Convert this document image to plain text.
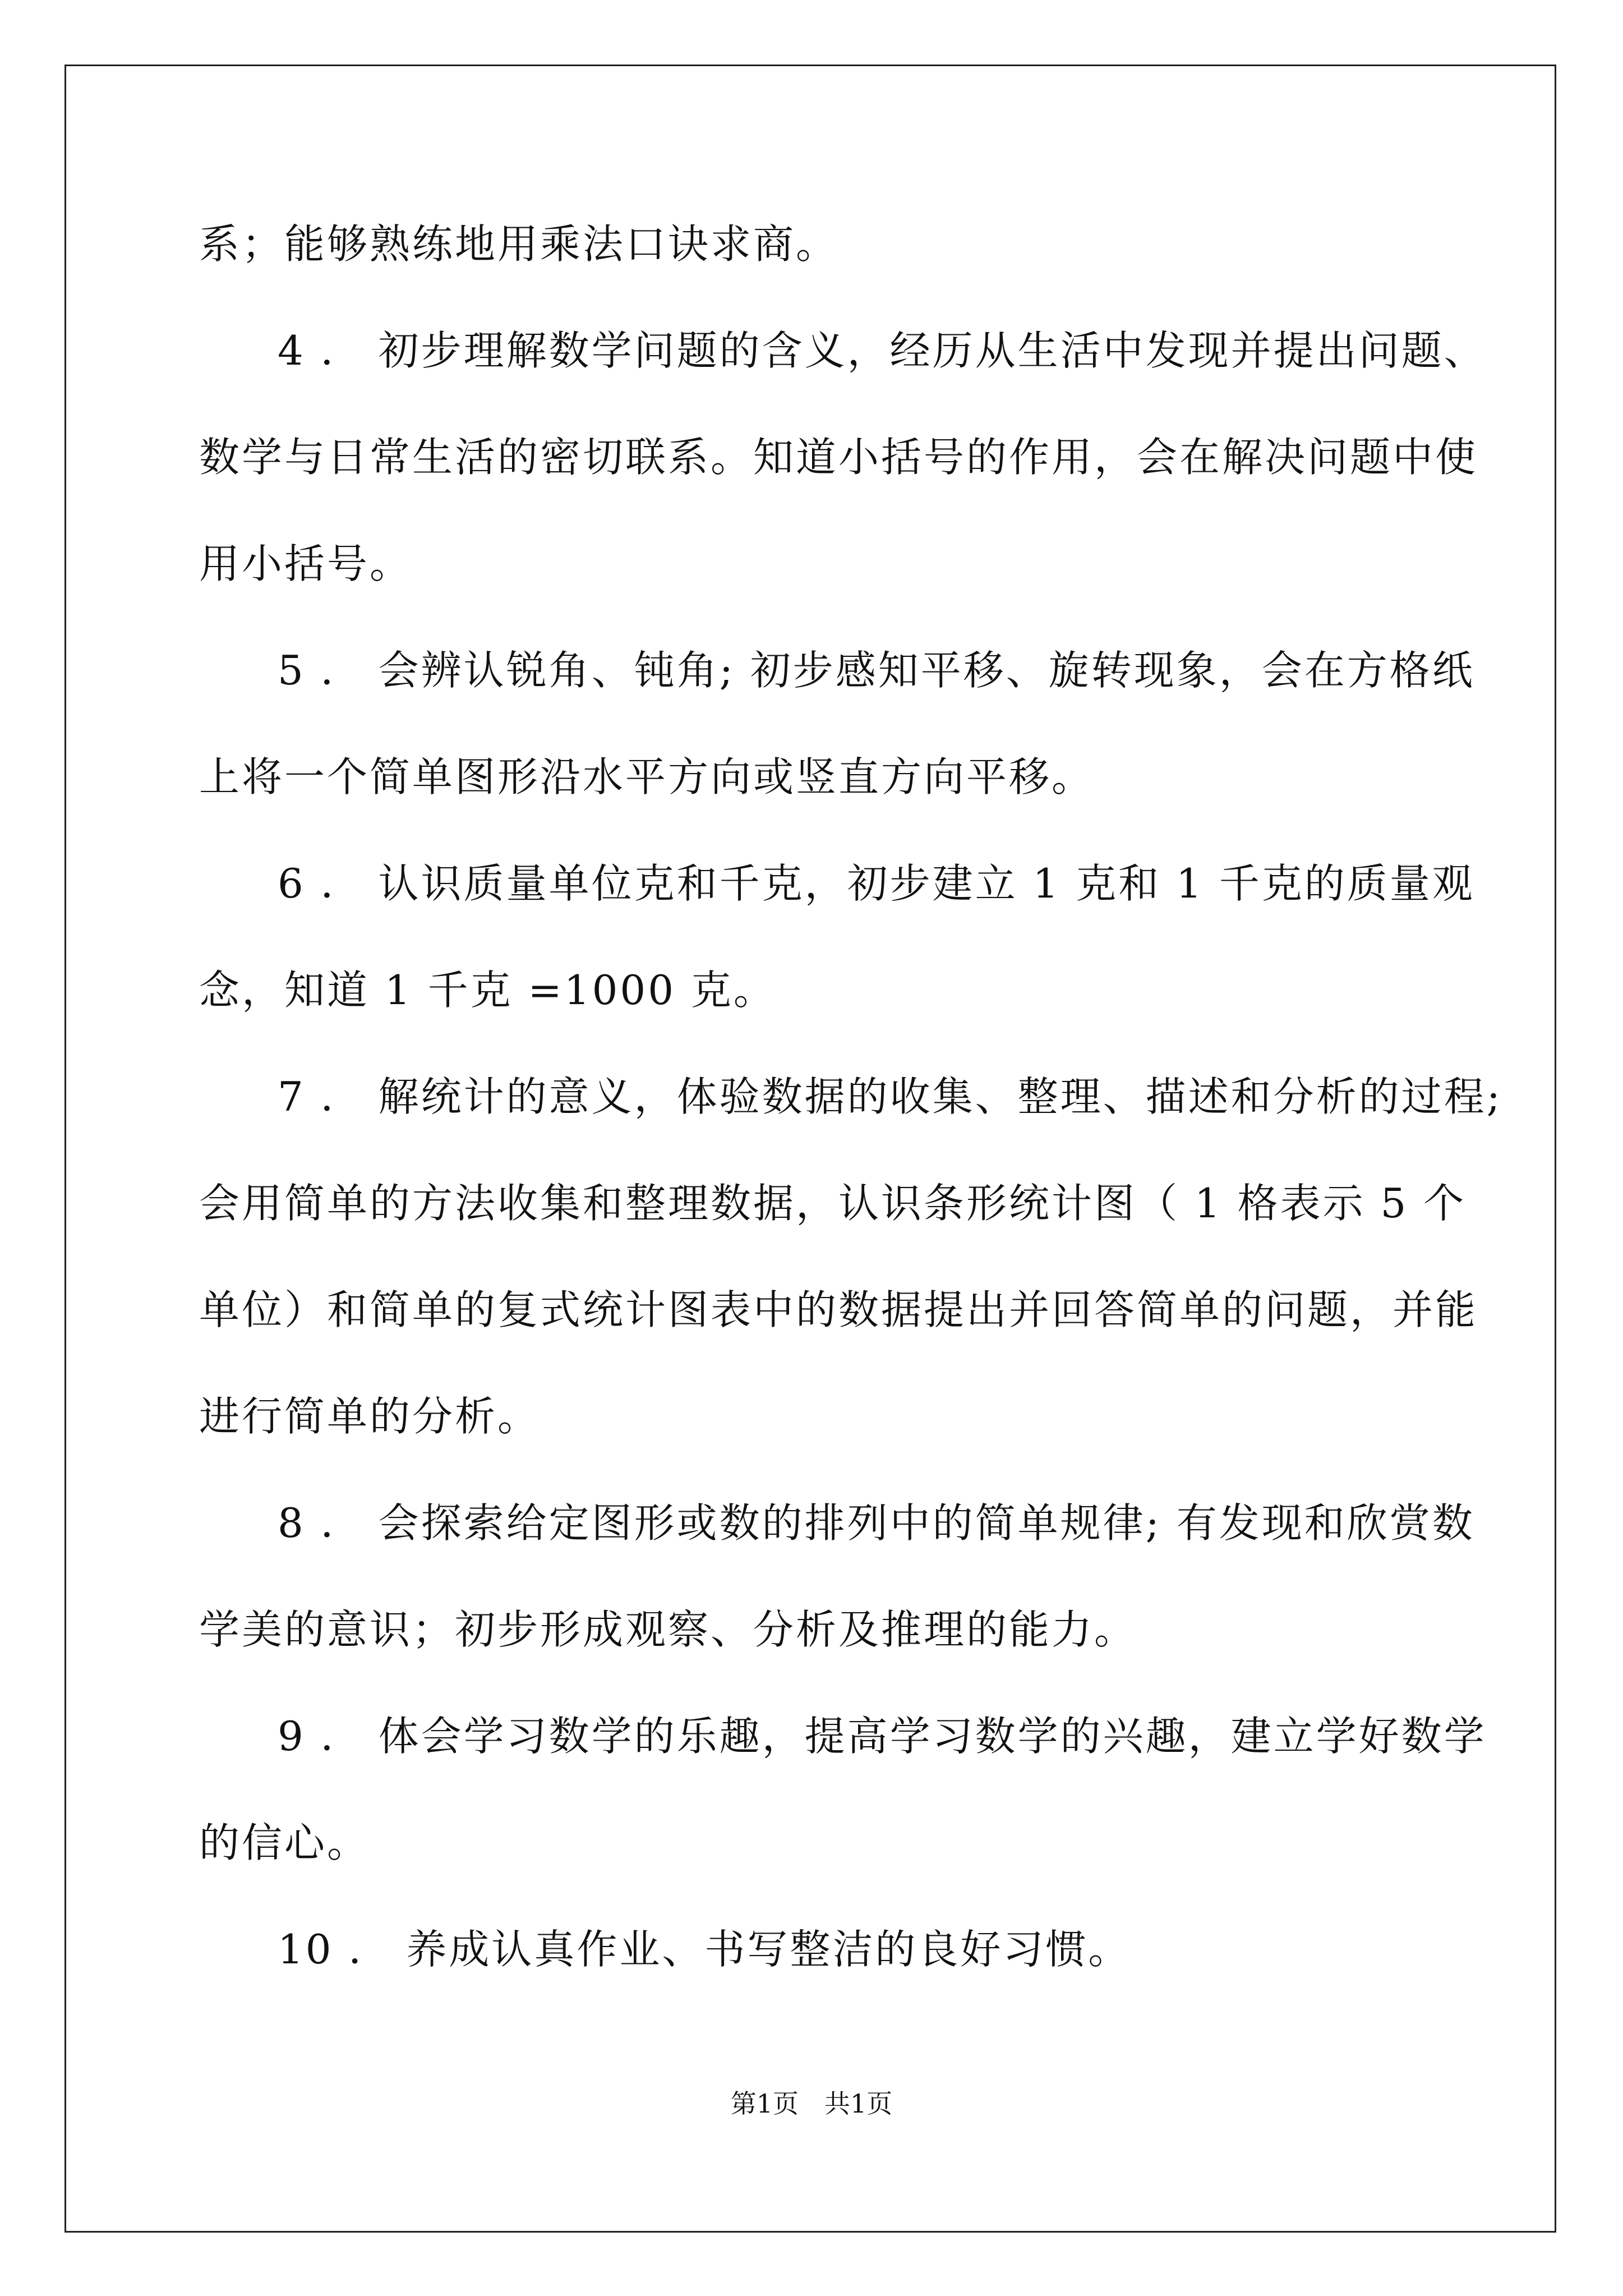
系；能够熟练地用乘法口诀求商。
4 ． 初步理解数学问题的含义，经历从生活中发现并提出问题、
数学与日常生活的密切联系。知道小括号的作用，会在解决问题中使
用小括号。
5 ． 会辨认锐角、钝角; 初步感知平移、旋转现象，会在方格纸
上将一个简单图形沿水平方向或竖直方向平移。
6 ． 认识质量单位克和千克，初步建立 1 克和 1 千克的质量观
念，知道 1 千克 =1000 克。
7 ． 解统计的意义，体验数据的收集、整理、描述和分析的过程;
会用简单的方法收集和整理数据，认识条形统计图（ 1 格表示 5 个
单位）和简单的复式统计图表中的数据提出并回答简单的问题，并能
进行简单的分析。
8 ． 会探索给定图形或数的排列中的简单规律; 有发现和欣赏数
学美的意识；初步形成观察、分析及推理的能力。
9 ． 体会学习数学的乐趣，提高学习数学的兴趣，建立学好数学
的信心。
10 ． 养成认真作业、书写整洁的良好习惯。
第1页　共1页
